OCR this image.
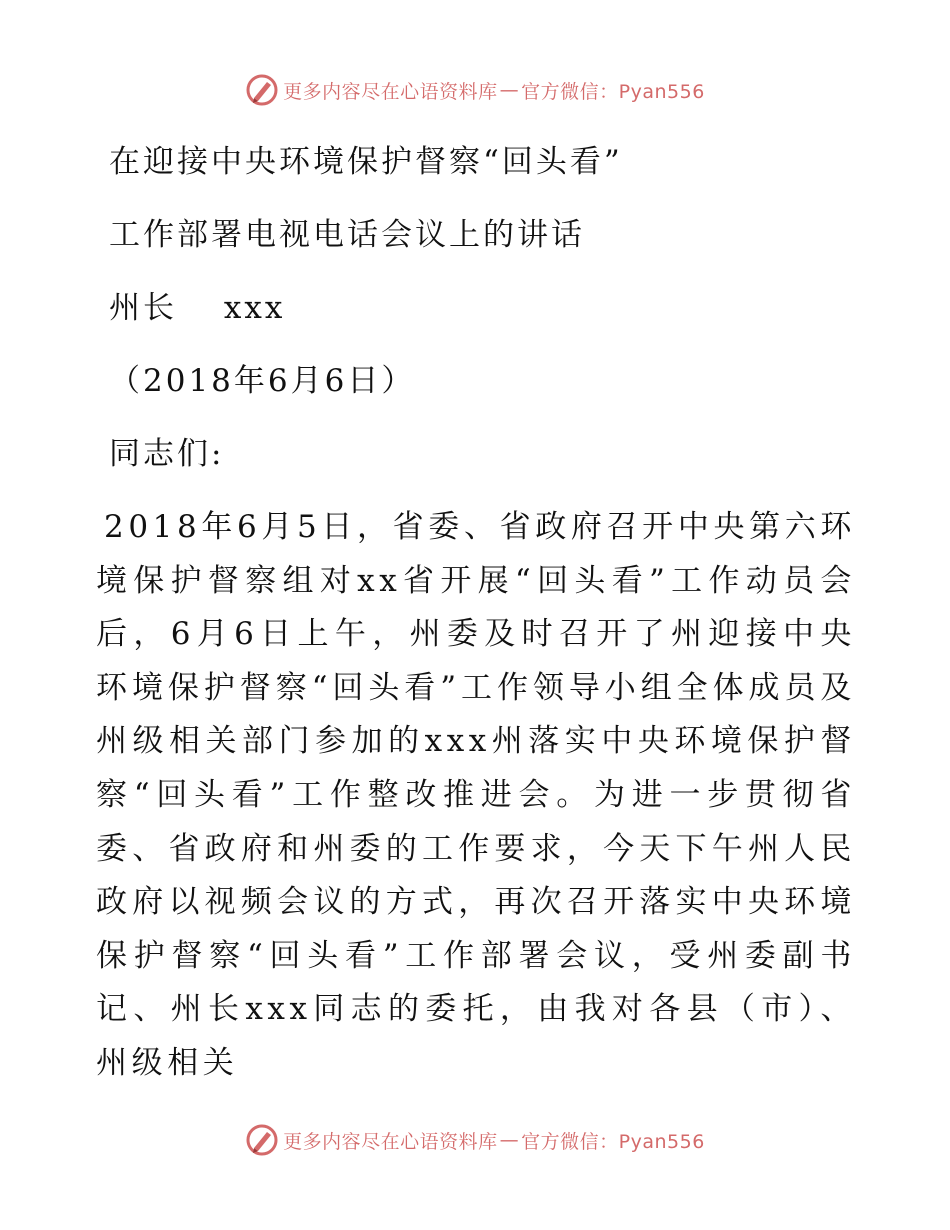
更多内容尽在心语资料库 — 官方微信：Pyan556
在迎接中央环境保护督察“回头看”
工作部署电视电话会议上的讲话
州长　 xxx
（2018年6月6日）
同志们:

2018年6月5日，省委、省政府召开中央第六环境保护督察组对xx省开展“回头看”工作动员会后，6月6日上午，州委及时召开了州迎接中央环境保护督察“回头看”工作领导小组全体成员及州级相关部门参加的xxx州落实中央环境保护督察“回头看”工作整改推进会。为进一步贯彻省委、省政府和州委的工作要求，今天下午州人民政府以视频会议的方式，再次召开落实中央环境保护督察“回头看”工作部署会议，受州委副书记、州长xxx同志的委托，由我对各县（市）、州级相关

更多内容尽在心语资料库 — 官方微信：Pyan556
